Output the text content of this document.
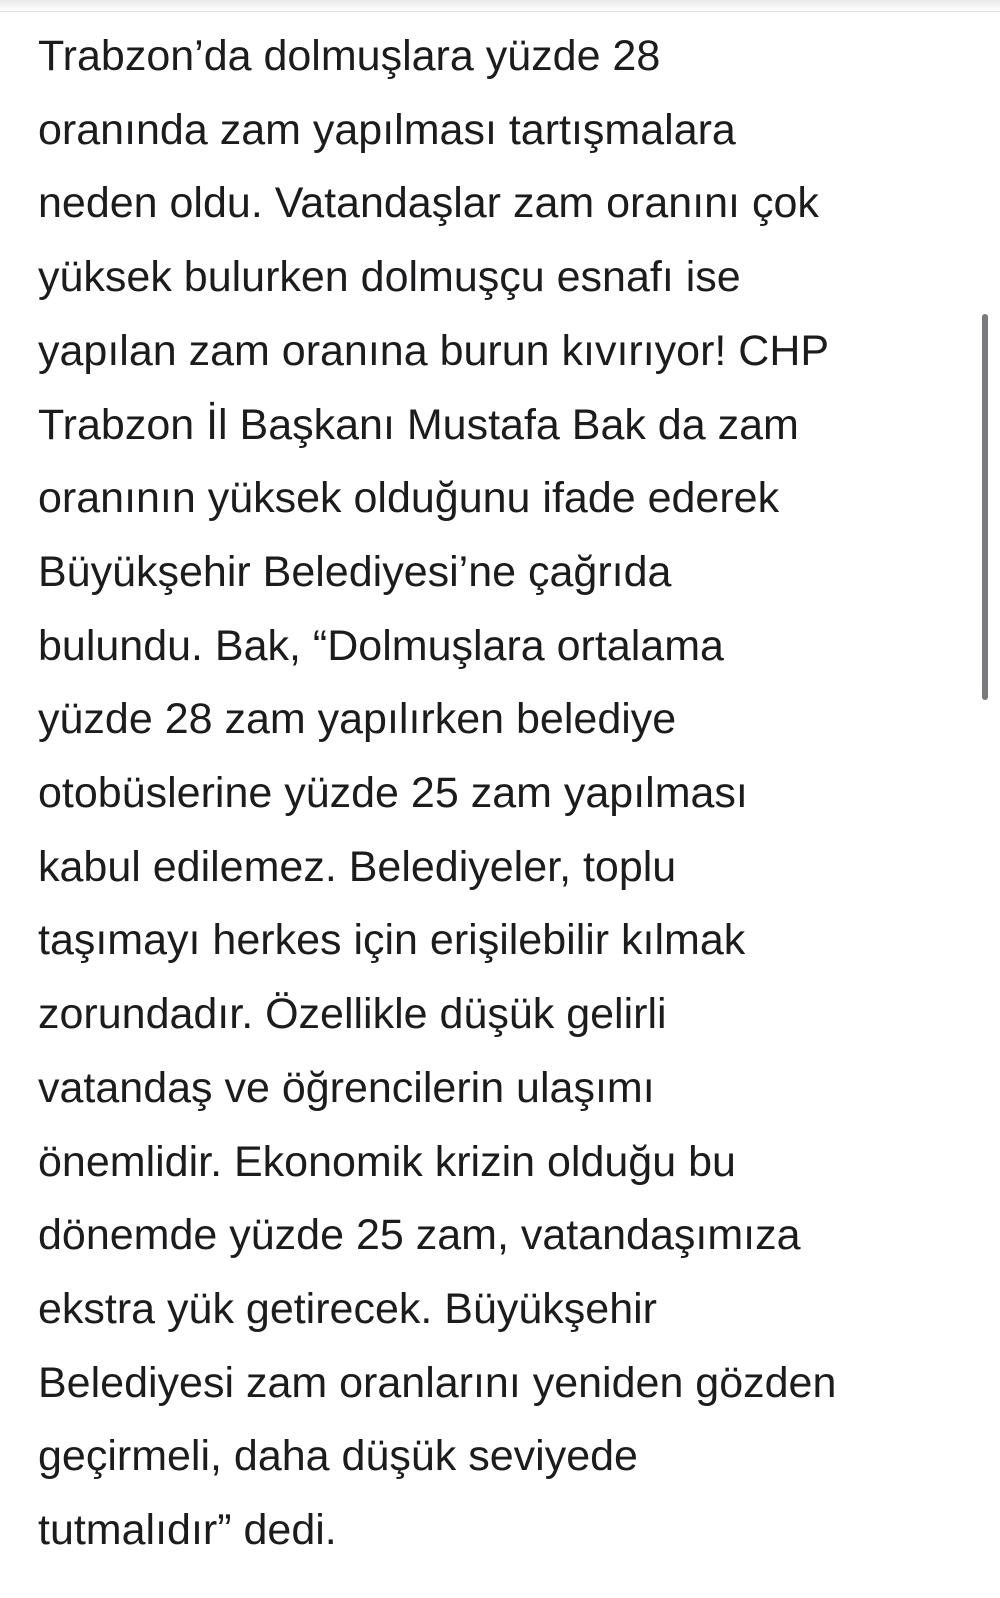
Trabzon’da dolmuşlara yüzde 28
oranında zam yapılması tartışmalara
neden oldu. Vatandaşlar zam oranını çok
yüksek bulurken dolmuşçu esnafı ise
yapılan zam oranına burun kıvırıyor! CHP
Trabzon İl Başkanı Mustafa Bak da zam
oranının yüksek olduğunu ifade ederek
Büyükşehir Belediyesi’ne çağrıda
bulundu. Bak, “Dolmuşlara ortalama
yüzde 28 zam yapılırken belediye
otobüslerine yüzde 25 zam yapılması
kabul edilemez. Belediyeler, toplu
taşımayı herkes için erişilebilir kılmak
zorundadır. Özellikle düşük gelirli
vatandaş ve öğrencilerin ulaşımı
önemlidir. Ekonomik krizin olduğu bu
dönemde yüzde 25 zam, vatandaşımıza
ekstra yük getirecek. Büyükşehir
Belediyesi zam oranlarını yeniden gözden
geçirmeli, daha düşük seviyede
tutmalıdır” dedi.
